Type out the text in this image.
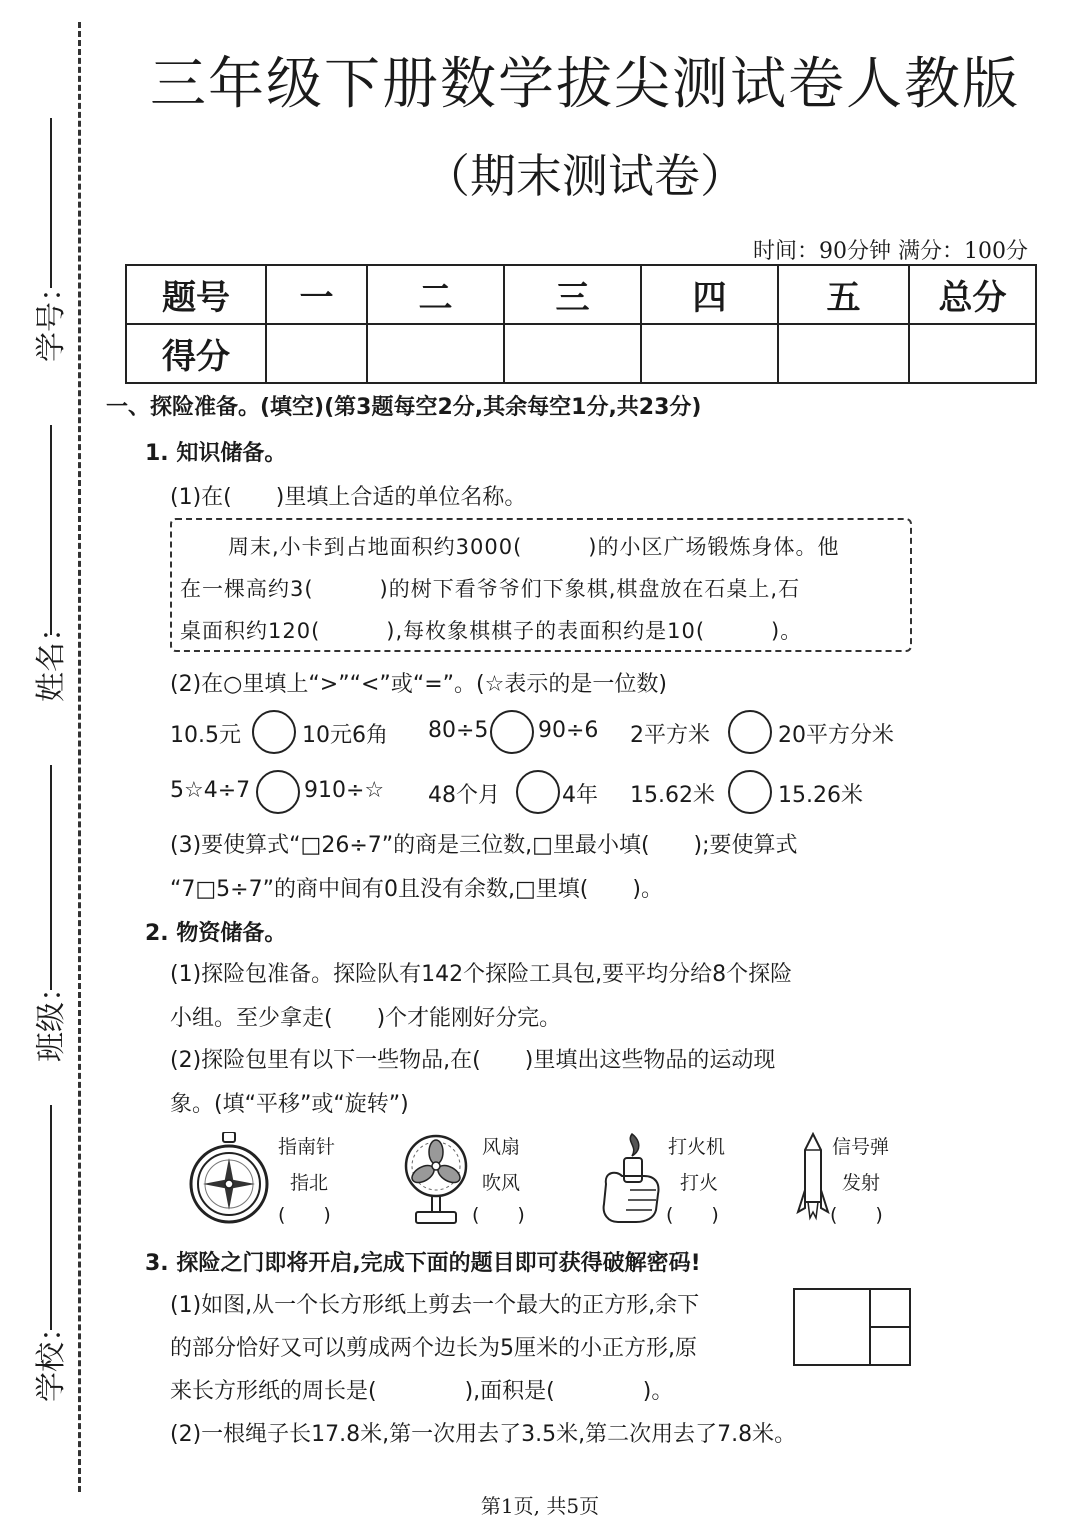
学号：
姓名：
班级：
学校：
三年级下册数学拔尖测试卷人教版
（期末测试卷）
时间：90分钟 满分：100分
题号	一	二	三	四	五	总分
得分						
一、探险准备。(填空)(第3题每空2分,其余每空1分,共23分)
1. 知识储备。
(1)在(　　)里填上合适的单位名称。
周末,小卡到占地面积约3000(　　　)的小区广场锻炼身体。他
在一棵高约3(　　　)的树下看爷爷们下象棋,棋盘放在石桌上,石
桌面积约120(　　　),每枚象棋棋子的表面积约是10(　　　)。
(2)在○里填上“>”“<”或“=”。(☆表示的是一位数)
10.5元	10元6角 80÷5 90÷6 2平方米	20平方分米
5☆4÷7 910÷☆ 48个月	4年 15.62米	15.26米
(3)要使算式“□26÷7”的商是三位数,□里最小填(　　);要使算式
“7□5÷7”的商中间有0且没有余数,□里填(　　)。
2. 物资储备。
(1)探险包准备。探险队有142个探险工具包,要平均分给8个探险
小组。至少拿走(　　)个才能刚好分完。
(2)探险包里有以下一些物品,在(　　)里填出这些物品的运动现
象。(填“平移”或“旋转”)
指南针
指北
(　　)
风扇
吹风
(　　)
打火机
打火
(　　)
信号弹
发射
(　　)
3. 探险之门即将开启,完成下面的题目即可获得破解密码!
(1)如图,从一个长方形纸上剪去一个最大的正方形,余下
的部分恰好又可以剪成两个边长为5厘米的小正方形,原
来长方形纸的周长是(　　　　),面积是(　　　　)。
(2)一根绳子长17.8米,第一次用去了3.5米,第二次用去了7.8米。
第1页, 共5页
